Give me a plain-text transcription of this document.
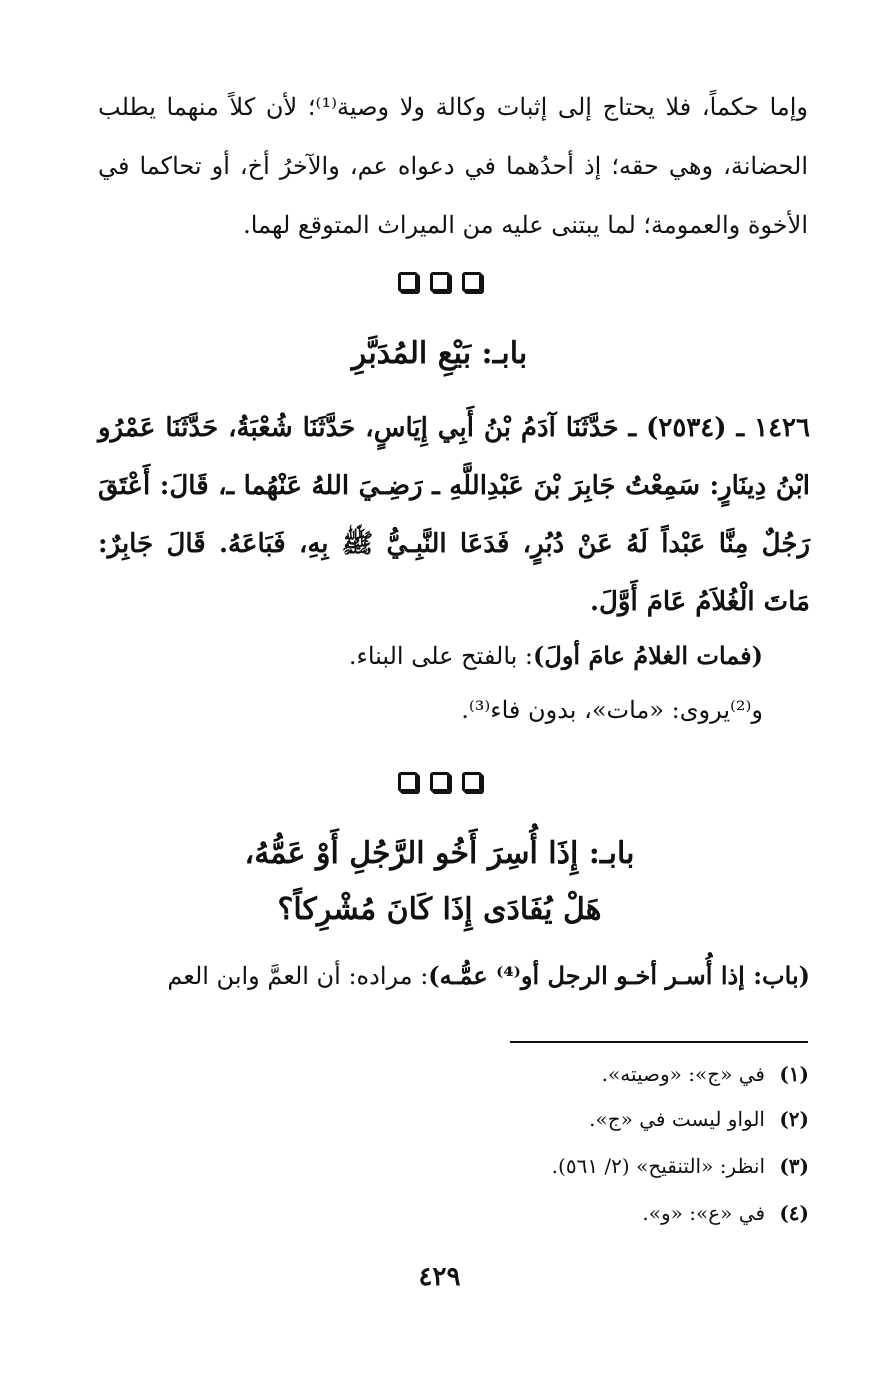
وإما حكماً، فلا يحتاج إلى إثبات وكالة ولا وصية⁽¹⁾؛ لأن كلاً منهما يطلب الحضانة، وهي حقه؛ إذ أحدُهما في دعواه عم، والآخرُ أخ، أو تحاكما في الأخوة والعمومة؛ لما يبتنى عليه من الميراث المتوقع لهما.
بابـ: بَيْعِ المُدَبَّرِ
١٤٢٦ ـ (٢٥٣٤) ـ حَدَّثَنَا آدَمُ بْنُ أَبِي إِيَاسٍ، حَدَّثَنَا شُعْبَةُ، حَدَّثَنَا عَمْرُو ابْنُ دِينَارٍ: سَمِعْتُ جَابِرَ بْنَ عَبْدِاللَّهِ ـ رَضِـيَ اللهُ عَنْهُما ـ، قَالَ: أَعْتَقَ رَجُلٌ مِنَّا عَبْداً لَهُ عَنْ دُبُرٍ، فَدَعَا النَّبِـيُّ ﷺ بِهِ، فَبَاعَهُ. قَالَ جَابِرٌ: مَاتَ الْغُلاَمُ عَامَ أَوَّلَ.
(فمات الغلامُ عامَ أولَ): بالفتح على البناء.
و⁽²⁾يروى: «مات»، بدون فاء⁽³⁾.
بابـ: إِذَا أُسِرَ أَخُو الرَّجُلِ أَوْ عَمُّهُ،
هَلْ يُفَادَى إِذَا كَانَ مُشْرِكاً؟
(باب: إذا أُسـر أخـو الرجل أو⁽⁴⁾ عمُّـه): مراده: أن العمَّ وابن العم
(١)في «ج»: «وصيته».
(٢)الواو ليست في «ج».
(٣)انظر: «التنقيح» (٢/ ٥٦١).
(٤)في «ع»: «و».
٤٢٩
